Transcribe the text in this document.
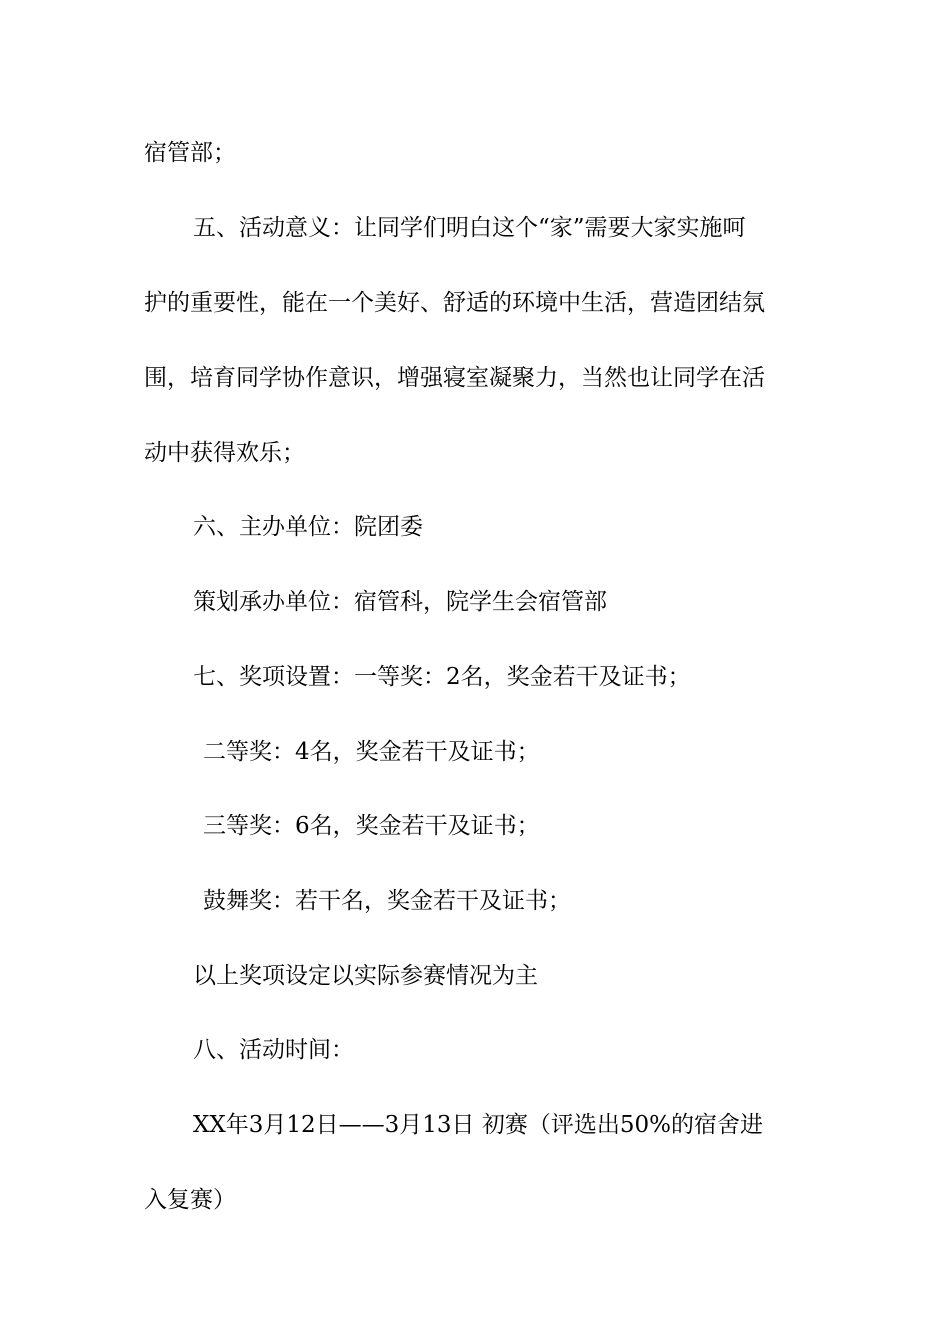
宿管部；
五、活动意义：让同学们明白这个“家”需要大家实施呵
护的重要性，能在一个美好、舒适的环境中生活，营造团结氛
围，培育同学协作意识，增强寝室凝聚力，当然也让同学在活
动中获得欢乐；
六、主办单位：院团委
策划承办单位：宿管科，院学生会宿管部
七、奖项设置：一等奖：2名，奖金若干及证书；
二等奖：4名，奖金若干及证书；
三等奖：6名，奖金若干及证书；
鼓舞奖：若干名，奖金若干及证书；
以上奖项设定以实际参赛情况为主
八、活动时间：
XX年3月12日——3月13日 初赛（评选出50%的宿舍进
入复赛）
